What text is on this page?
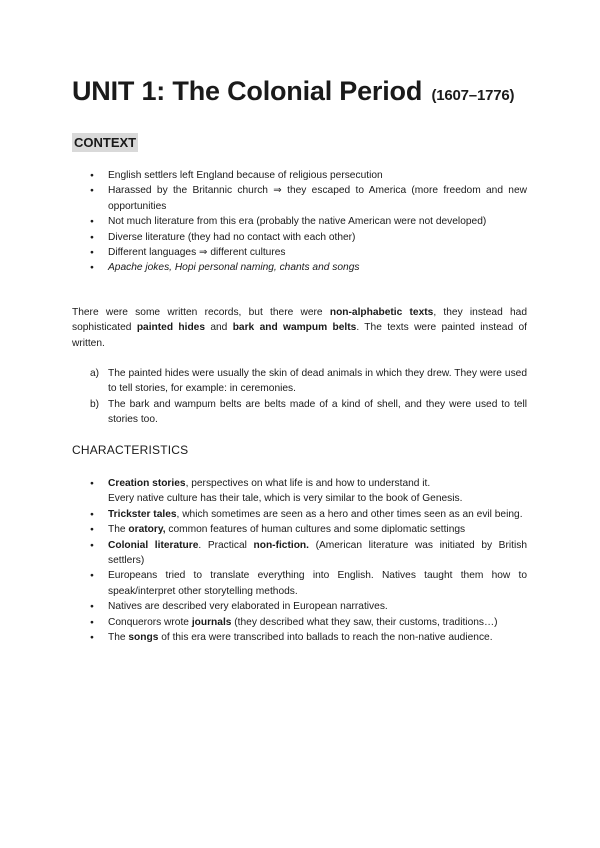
UNIT 1: The Colonial Period (1607–1776)
CONTEXT
● English settlers left England because of religious persecution
● Harassed by the Britannic church ⇒ they escaped to America (more freedom and new opportunities
● Not much literature from this era (probably the native American were not developed)
● Diverse literature (they had no contact with each other)
● Different languages ⇒ different cultures
● Apache jokes, Hopi personal naming, chants and songs

There were some written records, but there were non-alphabetic texts, they instead had sophisticated painted hides and bark and wampum belts. The texts were painted instead of written.

a) The painted hides were usually the skin of dead animals in which they drew. They were used to tell stories, for example: in ceremonies.
b) The bark and wampum belts are belts made of a kind of shell, and they were used to tell stories too.
CHARACTERISTICS
● Creation stories, perspectives on what life is and how to understand it.
Every native culture has their tale, which is very similar to the book of Genesis.
● Trickster tales, which sometimes are seen as a hero and other times seen as an evil being.
● The oratory, common features of human cultures and some diplomatic settings
● Colonial literature. Practical non-fiction. (American literature was initiated by British settlers)
● Europeans tried to translate everything into English. Natives taught them how to speak/interpret other storytelling methods.
● Natives are described very elaborated in European narratives.
● Conquerors wrote journals (they described what they saw, their customs, traditions…)
● The songs of this era were transcribed into ballads to reach the non-native audience.
